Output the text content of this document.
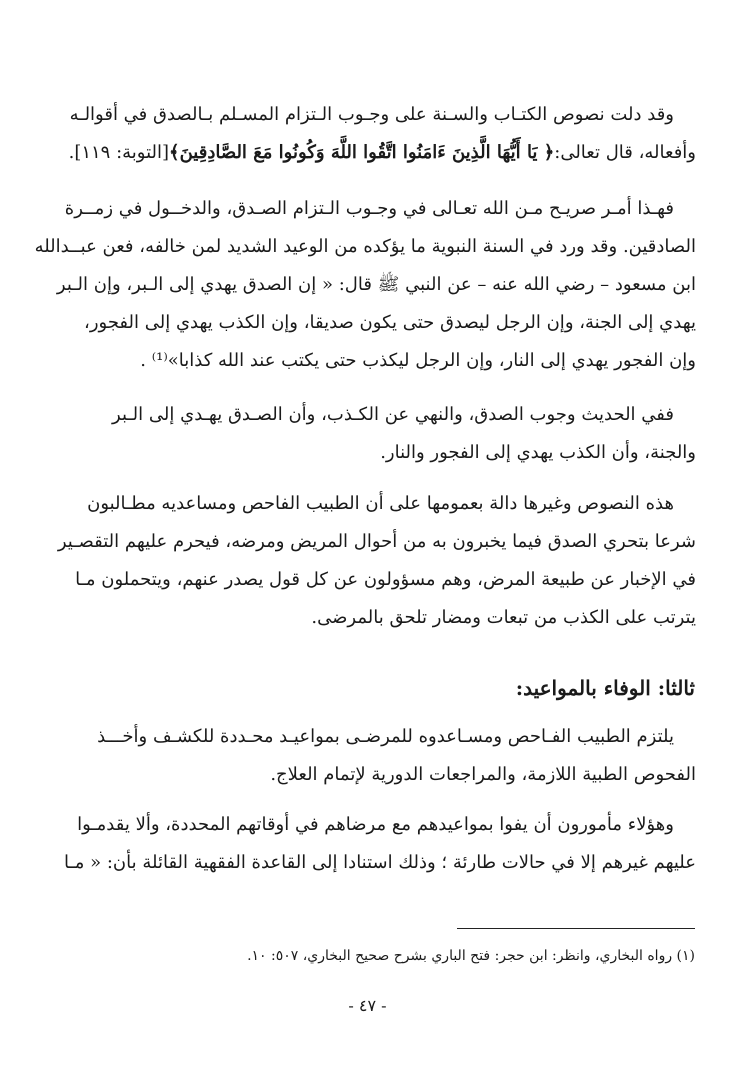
وقد دلت نصوص الكتـاب والسـنة على وجـوب الـتزام المسـلم بـالصدق في أقوالـه
وأفعاله، قال تعالى:﴿ يَا أَيُّهَا الَّذِينَ ءَامَنُوا اتَّقُوا اللَّهَ وَكُونُوا مَعَ الصَّادِقِينَ﴾[التوبة: ١١٩].
فهـذا أمـر صريـح مـن الله تعـالى في وجـوب الـتزام الصـدق، والدخــول في زمــرة
الصادقين. وقد ورد في السنة النبوية ما يؤكده من الوعيد الشديد لمن خالفه، فعن عبــدالله
ابن مسعود – رضي الله عنه – عن النبي ﷺ قال: « إن الصدق يهدي إلى الـبر، وإن الـبر
يهدي إلى الجنة، وإن الرجل ليصدق حتى يكون صديقا، وإن الكذب يهدي إلى الفجور،
وإن الفجور يهدي إلى النار، وإن الرجل ليكذب حتى يكتب عند الله كذابا»⁽¹⁾ .
ففي الحديث وجوب الصدق، والنهي عن الكـذب، وأن الصـدق يهـدي إلى الـبر
والجنة، وأن الكذب يهدي إلى الفجور والنار.
هذه النصوص وغيرها دالة بعمومها على أن الطبيب الفاحص ومساعديه مطـالبون
شرعا بتحري الصدق فيما يخبرون به من أحوال المريض ومرضه، فيحرم عليهم التقصـير
في الإخبار عن طبيعة المرض، وهم مسؤولون عن كل قول يصدر عنهم، ويتحملون مـا
يترتب على الكذب من تبعات ومضار تلحق بالمرضى.
ثالثا: الوفاء بالمواعيد:
يلتزم الطبيب الفـاحص ومسـاعدوه للمرضـى بمواعيـد محـددة للكشـف وأخـــذ
الفحوص الطبية اللازمة، والمراجعات الدورية لإتمام العلاج.
وهؤلاء مأمورون أن يفوا بمواعيدهم مع مرضاهم في أوقاتهم المحددة، وألا يقدمـوا
عليهم غيرهم إلا في حالات طارئة ؛ وذلك استنادا إلى القاعدة الفقهية القائلة بأن: « مـا
(١) رواه البخاري، وانظر: ابن حجر: فتح الباري بشرح صحيح البخاري، ٥٠٧: ١٠.
- ٤٧ -
